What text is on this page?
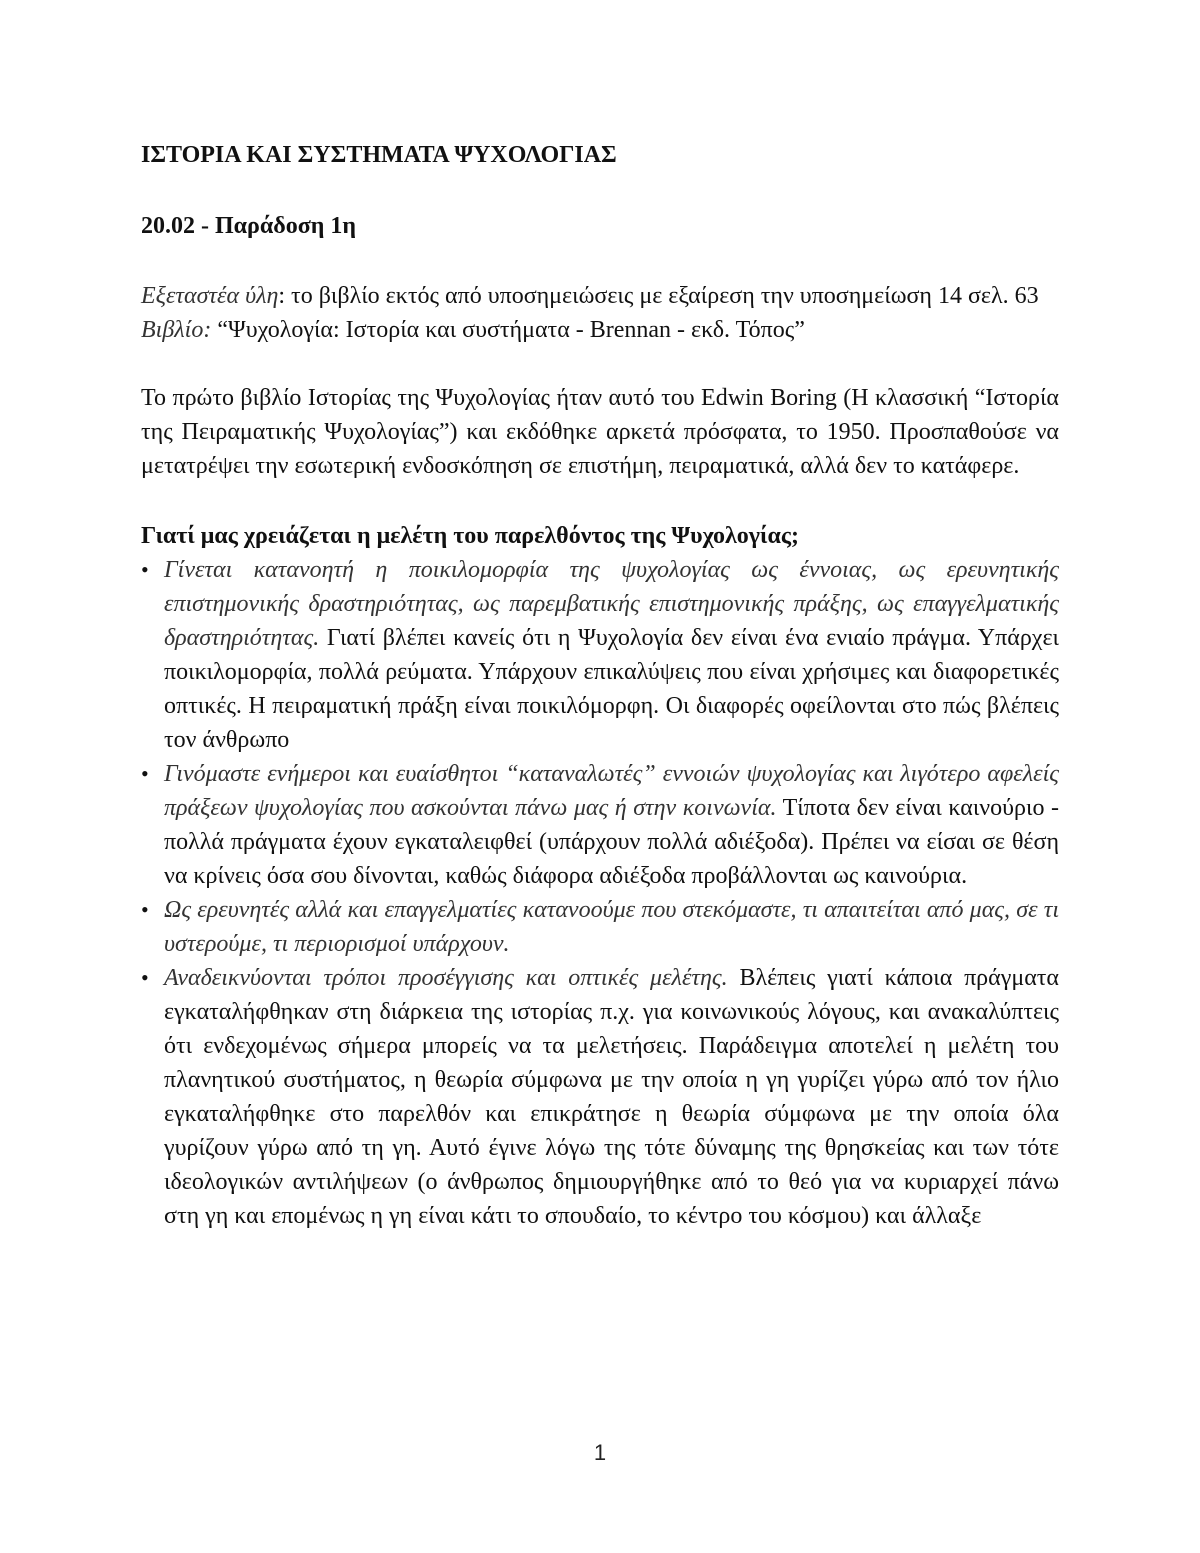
ΙΣΤΟΡΙΑ ΚΑΙ ΣΥΣΤΗΜΑΤΑ ΨΥΧΟΛΟΓΙΑΣ

20.02 - Παράδοση 1η

Εξεταστέα ύλη: το βιβλίο εκτός από υποσημειώσεις με εξαίρεση την υποσημείωση 14 σελ. 63

Βιβλίο: “Ψυχολογία: Ιστορία και συστήματα - Brennan - εκδ. Τόπος”

Το πρώτο βιβλίο Ιστορίας της Ψυχολογίας ήταν αυτό του Edwin Boring (Η κλασσική “Ιστορία της Πειραματικής Ψυχολογίας”) και εκδόθηκε αρκετά πρόσφατα, το 1950. Προσπαθούσε να μετατρέψει την εσωτερική ενδοσκόπηση σε επιστήμη, πειραματικά, αλλά δεν το κατάφερε.

Γιατί μας χρειάζεται η μελέτη του παρελθόντος της Ψυχολογίας;

• Γίνεται κατανοητή η ποικιλομορφία της ψυχολογίας ως έννοιας, ως ερευνητικής επιστημονικής δραστηριότητας, ως παρεμβατικής επιστημονικής πράξης, ως επαγγελματικής δραστηριότητας. Γιατί βλέπει κανείς ότι η Ψυχολογία δεν είναι ένα ενιαίο πράγμα. Υπάρχει ποικιλομορφία, πολλά ρεύματα. Υπάρχουν επικαλύψεις που είναι χρήσιμες και διαφορετικές οπτικές. Η πειραματική πράξη είναι ποικιλόμορφη. Οι διαφορές οφείλονται στο πώς βλέπεις τον άνθρωπο
• Γινόμαστε ενήμεροι και ευαίσθητοι “καταναλωτές” εννοιών ψυχολογίας και λιγότερο αφελείς πράξεων ψυχολογίας που ασκούνται πάνω μας ή στην κοινωνία. Τίποτα δεν είναι καινούριο - πολλά πράγματα έχουν εγκαταλειφθεί (υπάρχουν πολλά αδιέξοδα). Πρέπει να είσαι σε θέση να κρίνεις όσα σου δίνονται, καθώς διάφορα αδιέξοδα προβάλλονται ως καινούρια.
• Ως ερευνητές αλλά και επαγγελματίες κατανοούμε που στεκόμαστε, τι απαιτείται από μας, σε τι υστερούμε, τι περιορισμοί υπάρχουν.
• Αναδεικνύονται τρόποι προσέγγισης και οπτικές μελέτης. Βλέπεις γιατί κάποια πράγματα εγκαταλήφθηκαν στη διάρκεια της ιστορίας π.χ. για κοινωνικούς λόγους, και ανακαλύπτεις ότι ενδεχομένως σήμερα μπορείς να τα μελετήσεις. Παράδειγμα αποτελεί η μελέτη του πλανητικού συστήματος, η θεωρία σύμφωνα με την οποία η γη γυρίζει γύρω από τον ήλιο εγκαταλήφθηκε στο παρελθόν και επικράτησε η θεωρία σύμφωνα με την οποία όλα γυρίζουν γύρω από τη γη. Αυτό έγινε λόγω της τότε δύναμης της θρησκείας και των τότε ιδεολογικών αντιλήψεων (ο άνθρωπος δημιουργήθηκε από το θεό για να κυριαρχεί πάνω στη γη και επομένως η γη είναι κάτι το σπουδαίο, το κέντρο του κόσμου) και άλλαξε
1
